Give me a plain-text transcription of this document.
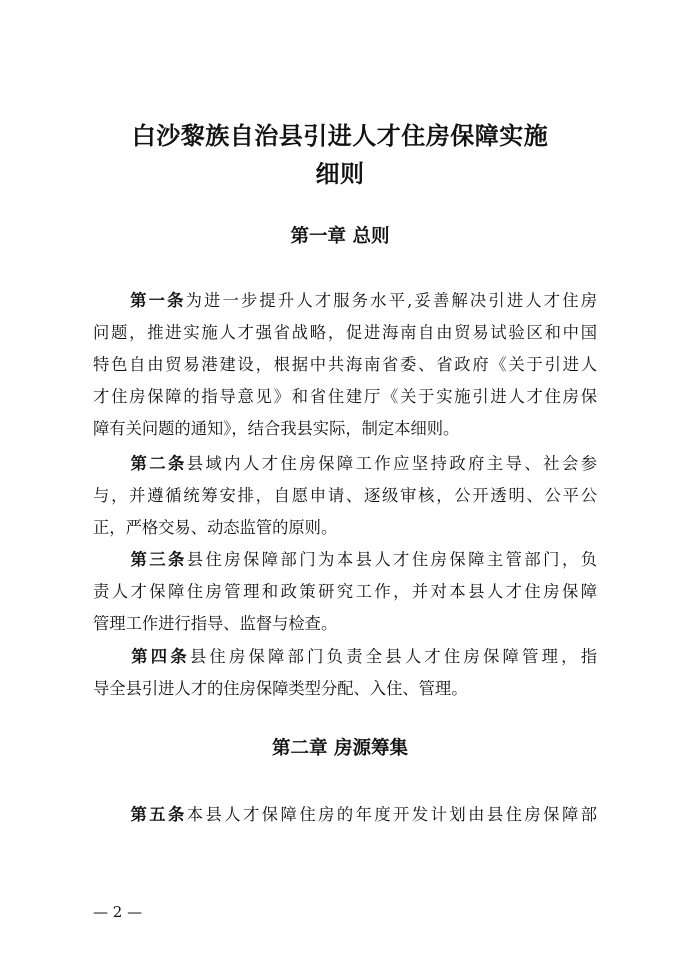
白沙黎族自治县引进人才住房保障实施
细则
第一章 总则
第一条为进一步提升人才服务水平,妥善解决引进人才住房
问题，推进实施人才强省战略，促进海南自由贸易试验区和中国
特色自由贸易港建设，根据中共海南省委、省政府《关于引进人
才住房保障的指导意见》和省住建厅《关于实施引进人才住房保
障有关问题的通知》，结合我县实际，制定本细则。
第二条县域内人才住房保障工作应坚持政府主导、社会参
与，并遵循统筹安排，自愿申请、逐级审核，公开透明、公平公
正，严格交易、动态监管的原则。
第三条县住房保障部门为本县人才住房保障主管部门，负
责人才保障住房管理和政策研究工作，并对本县人才住房保障
管理工作进行指导、监督与检查。
第四条县住房保障部门负责全县人才住房保障管理，指
导全县引进人才的住房保障类型分配、入住、管理。
第二章 房源筹集
第五条本县人才保障住房的年度开发计划由县住房保障部
— 2 —
